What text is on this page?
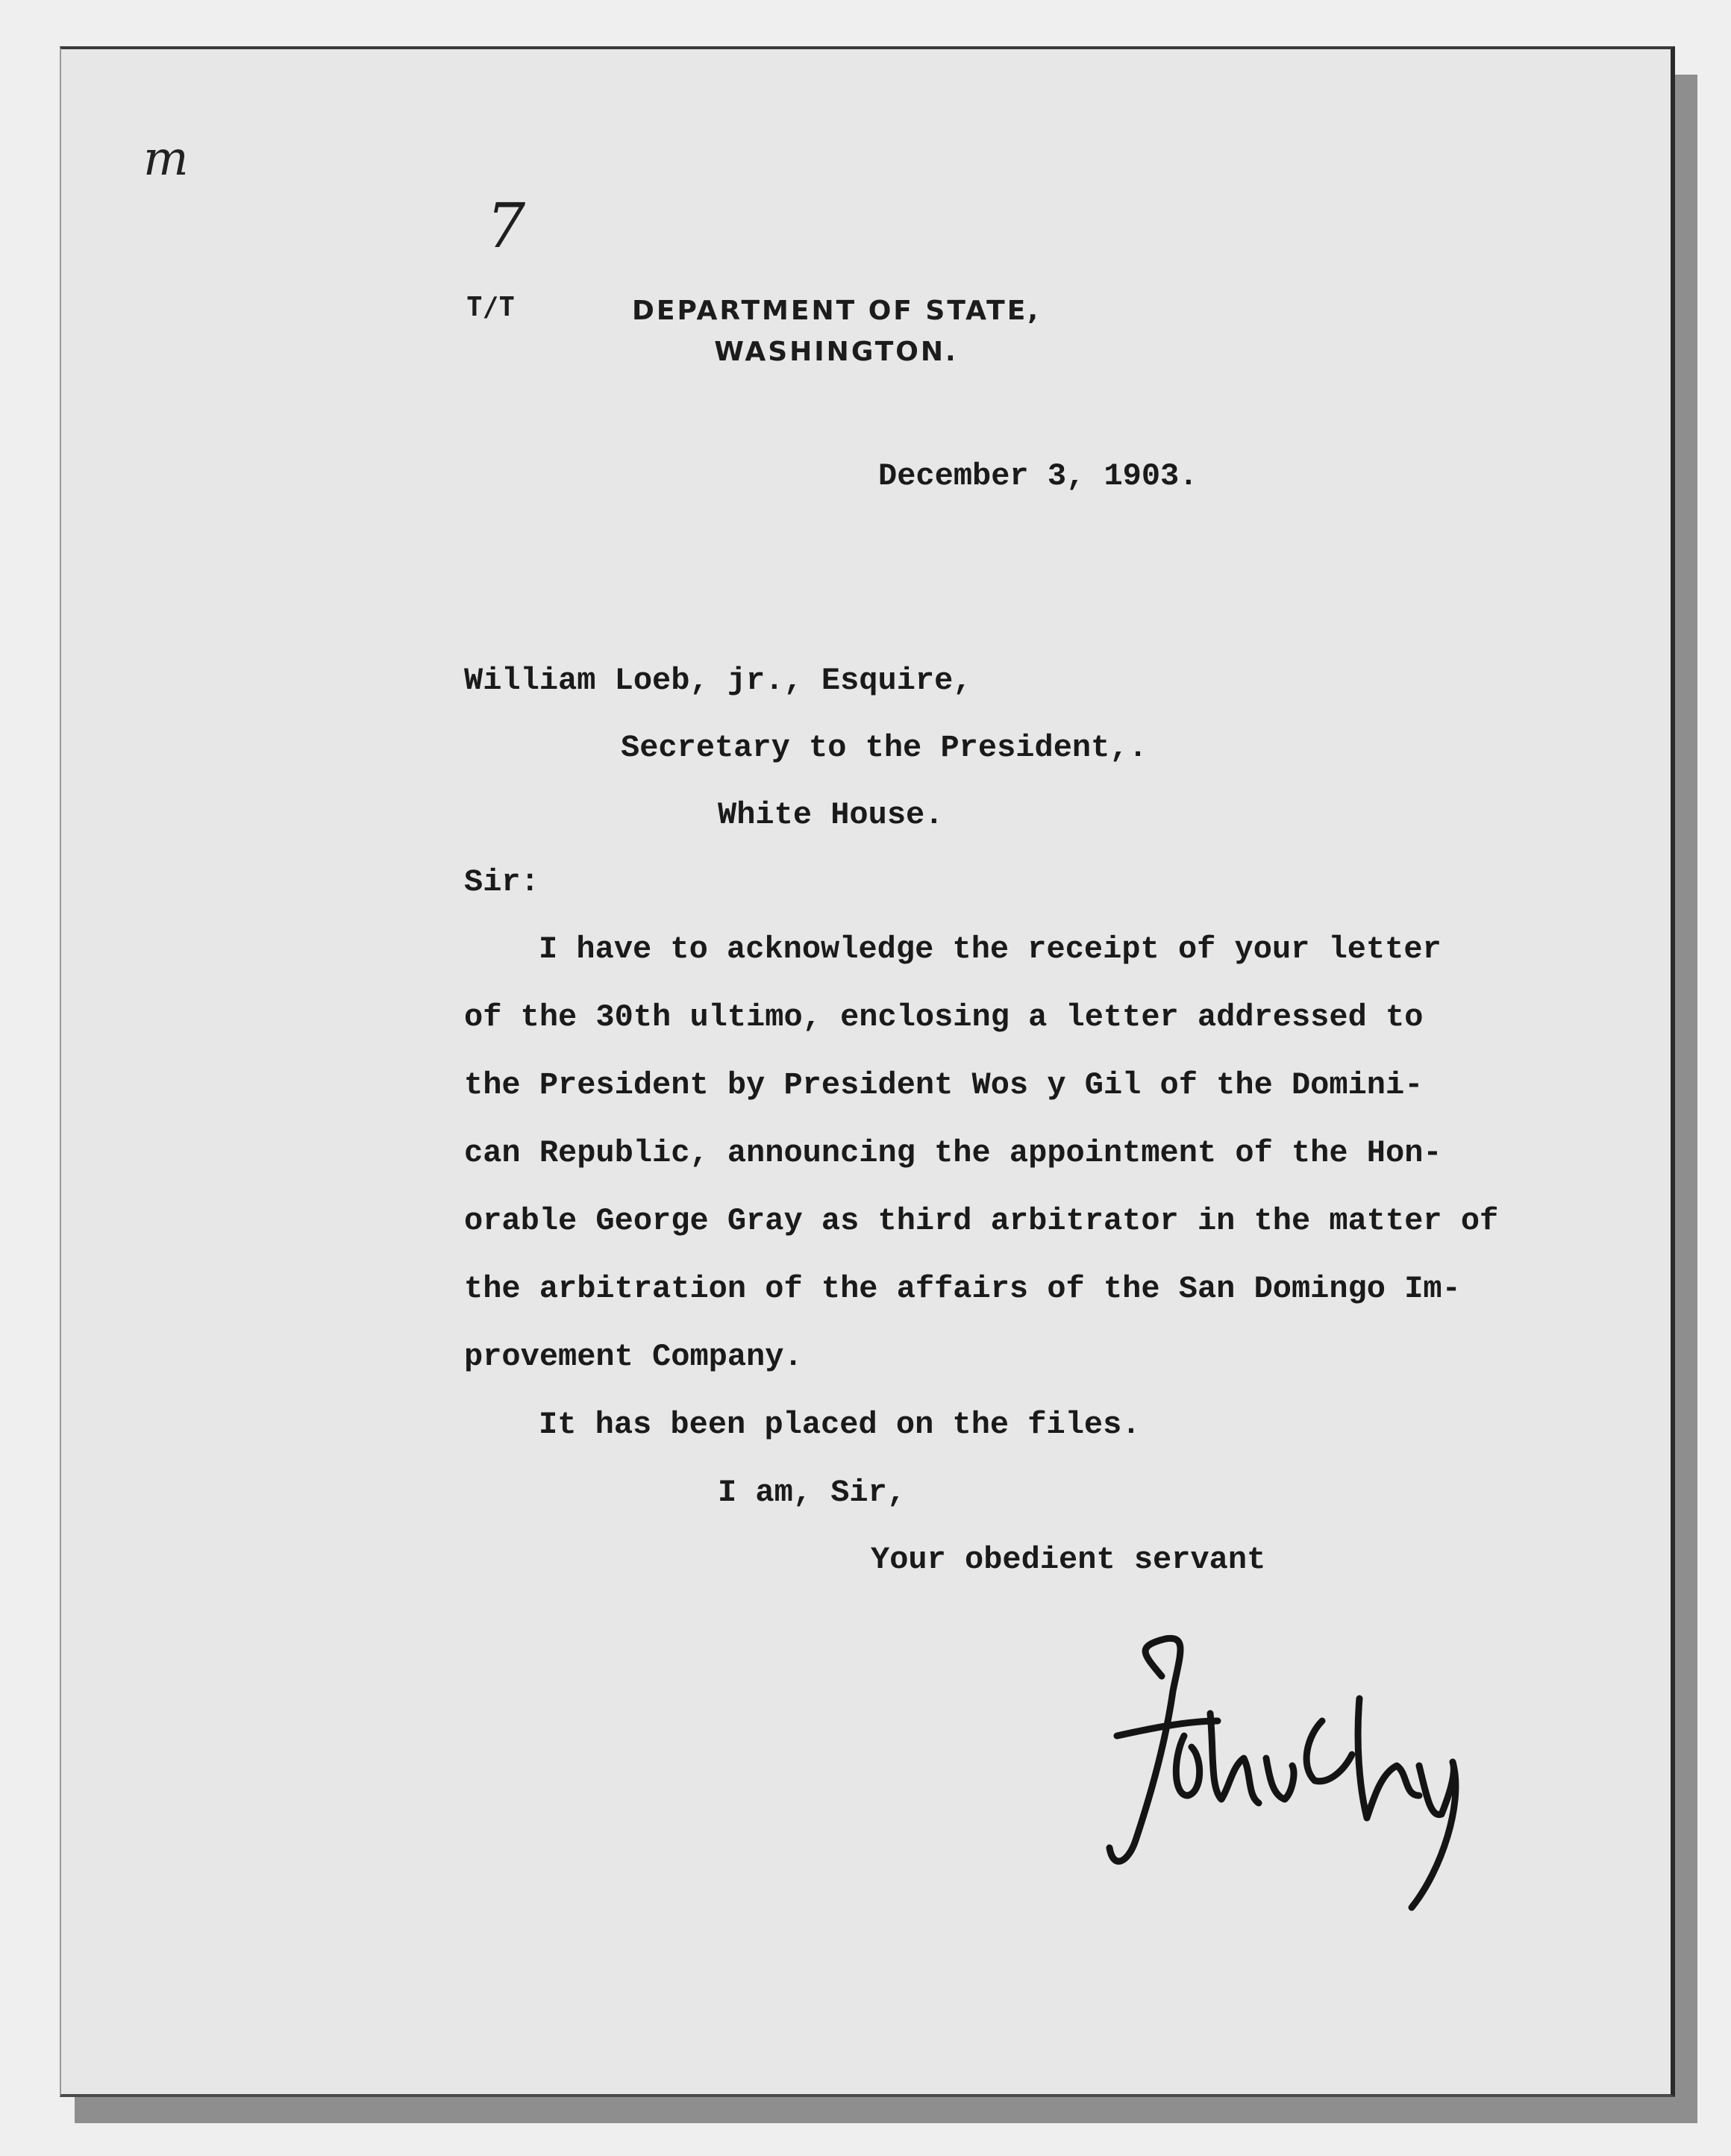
m
7
T/T	DEPARTMENT OF STATE,
WASHINGTON.
December 3, 1903.
William Loeb, jr., Esquire,
Secretary to the President,.
White House.
Sir:
I have to acknowledge the receipt of your letter
of the 30th ultimo, enclosing a letter addressed to
the President by President Wos y Gil of the Domini-
can Republic, announcing the appointment of the Hon-
orable George Gray as third arbitrator in the matter of
the arbitration of the affairs of the San Domingo Im-
provement Company.
It has been placed on the files.
I am, Sir,
Your obedient servant
